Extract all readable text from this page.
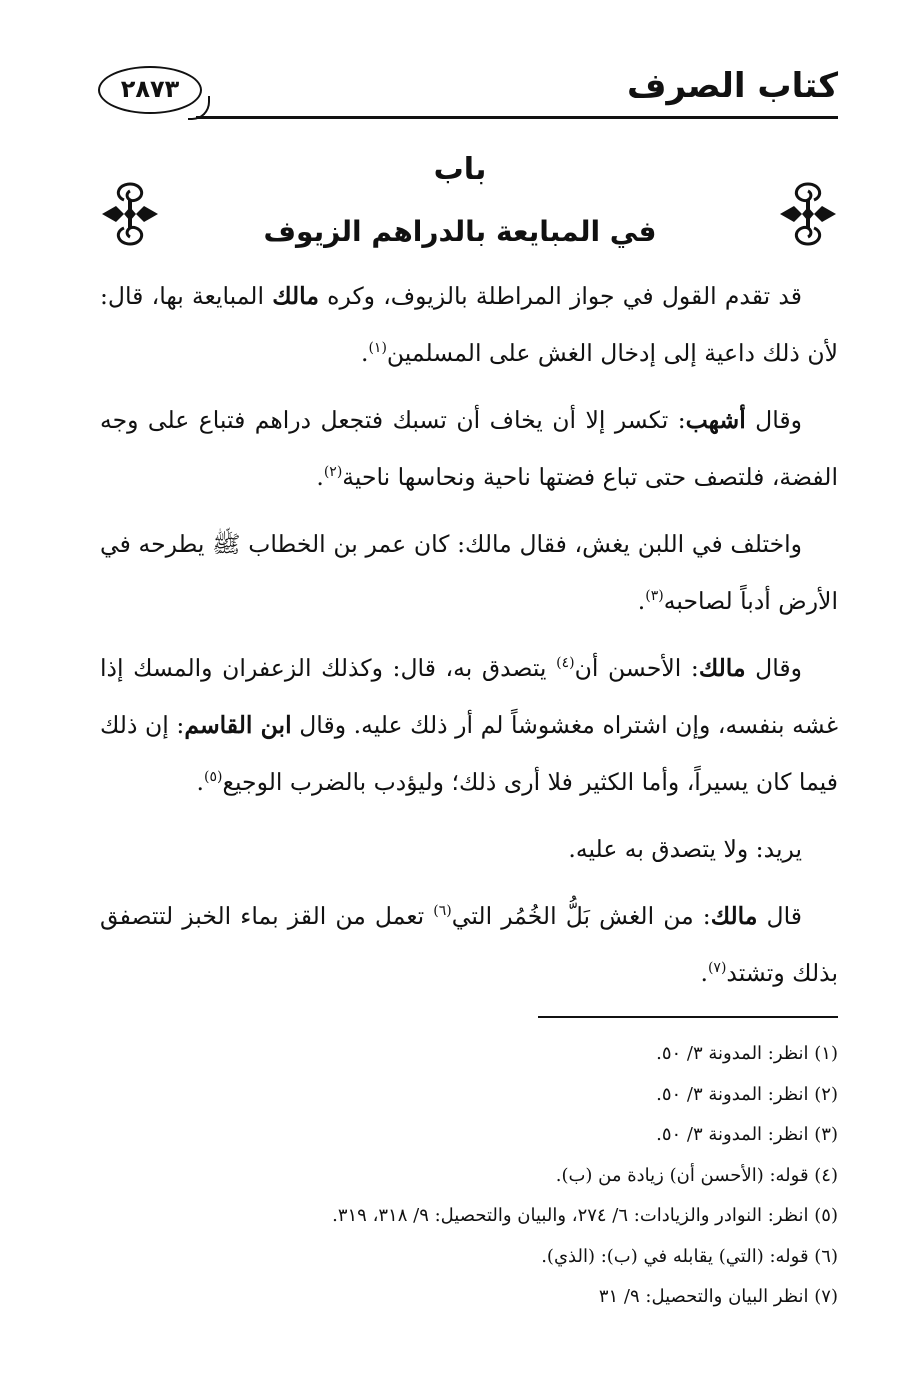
كتاب الصرف
٢٨٧٣
باب
في المبايعة بالدراهم الزيوف

قد تقدم القول في جواز المراطلة بالزيوف، وكره مالك المبايعة بها، قال: لأن ذلك داعية إلى إدخال الغش على المسلمين$^{(١)}$.

وقال أشهب: تكسر إلا أن يخاف أن تسبك فتجعل دراهم فتباع على وجه الفضة، فلتصف حتى تباع فضتها ناحية ونحاسها ناحية$^{(٢)}$.

واختلف في اللبن يغش، فقال مالك: كان عمر بن الخطاب ﷺ يطرحه في الأرض أدباً لصاحبه$^{(٣)}$.

وقال مالك: الأحسن أن$^{(٤)}$ يتصدق به، قال: وكذلك الزعفران والمسك إذا غشه بنفسه، وإن اشتراه مغشوشاً لم أر ذلك عليه. وقال ابن القاسم: إن ذلك فيما كان يسيراً، وأما الكثير فلا أرى ذلك؛ وليؤدب بالضرب الوجيع$^{(٥)}$.

يريد: ولا يتصدق به عليه.

قال مالك: من الغش بَلُّ الخُمُر التي$^{(٦)}$ تعمل من القز بماء الخبز لتتصفق بذلك وتشتد$^{(٧)}$.

(١) انظر: المدونة ٣/ ٥٠.

(٢) انظر: المدونة ٣/ ٥٠.

(٣) انظر: المدونة ٣/ ٥٠.

(٤) قوله: (الأحسن أن) زيادة من (ب).

(٥) انظر: النوادر والزيادات: ٦/ ٢٧٤، والبيان والتحصيل: ٩/ ٣١٨، ٣١٩.

(٦) قوله: (التي) يقابله في (ب): (الذي).

(٧) انظر البيان والتحصيل: ٩/ ٣١
